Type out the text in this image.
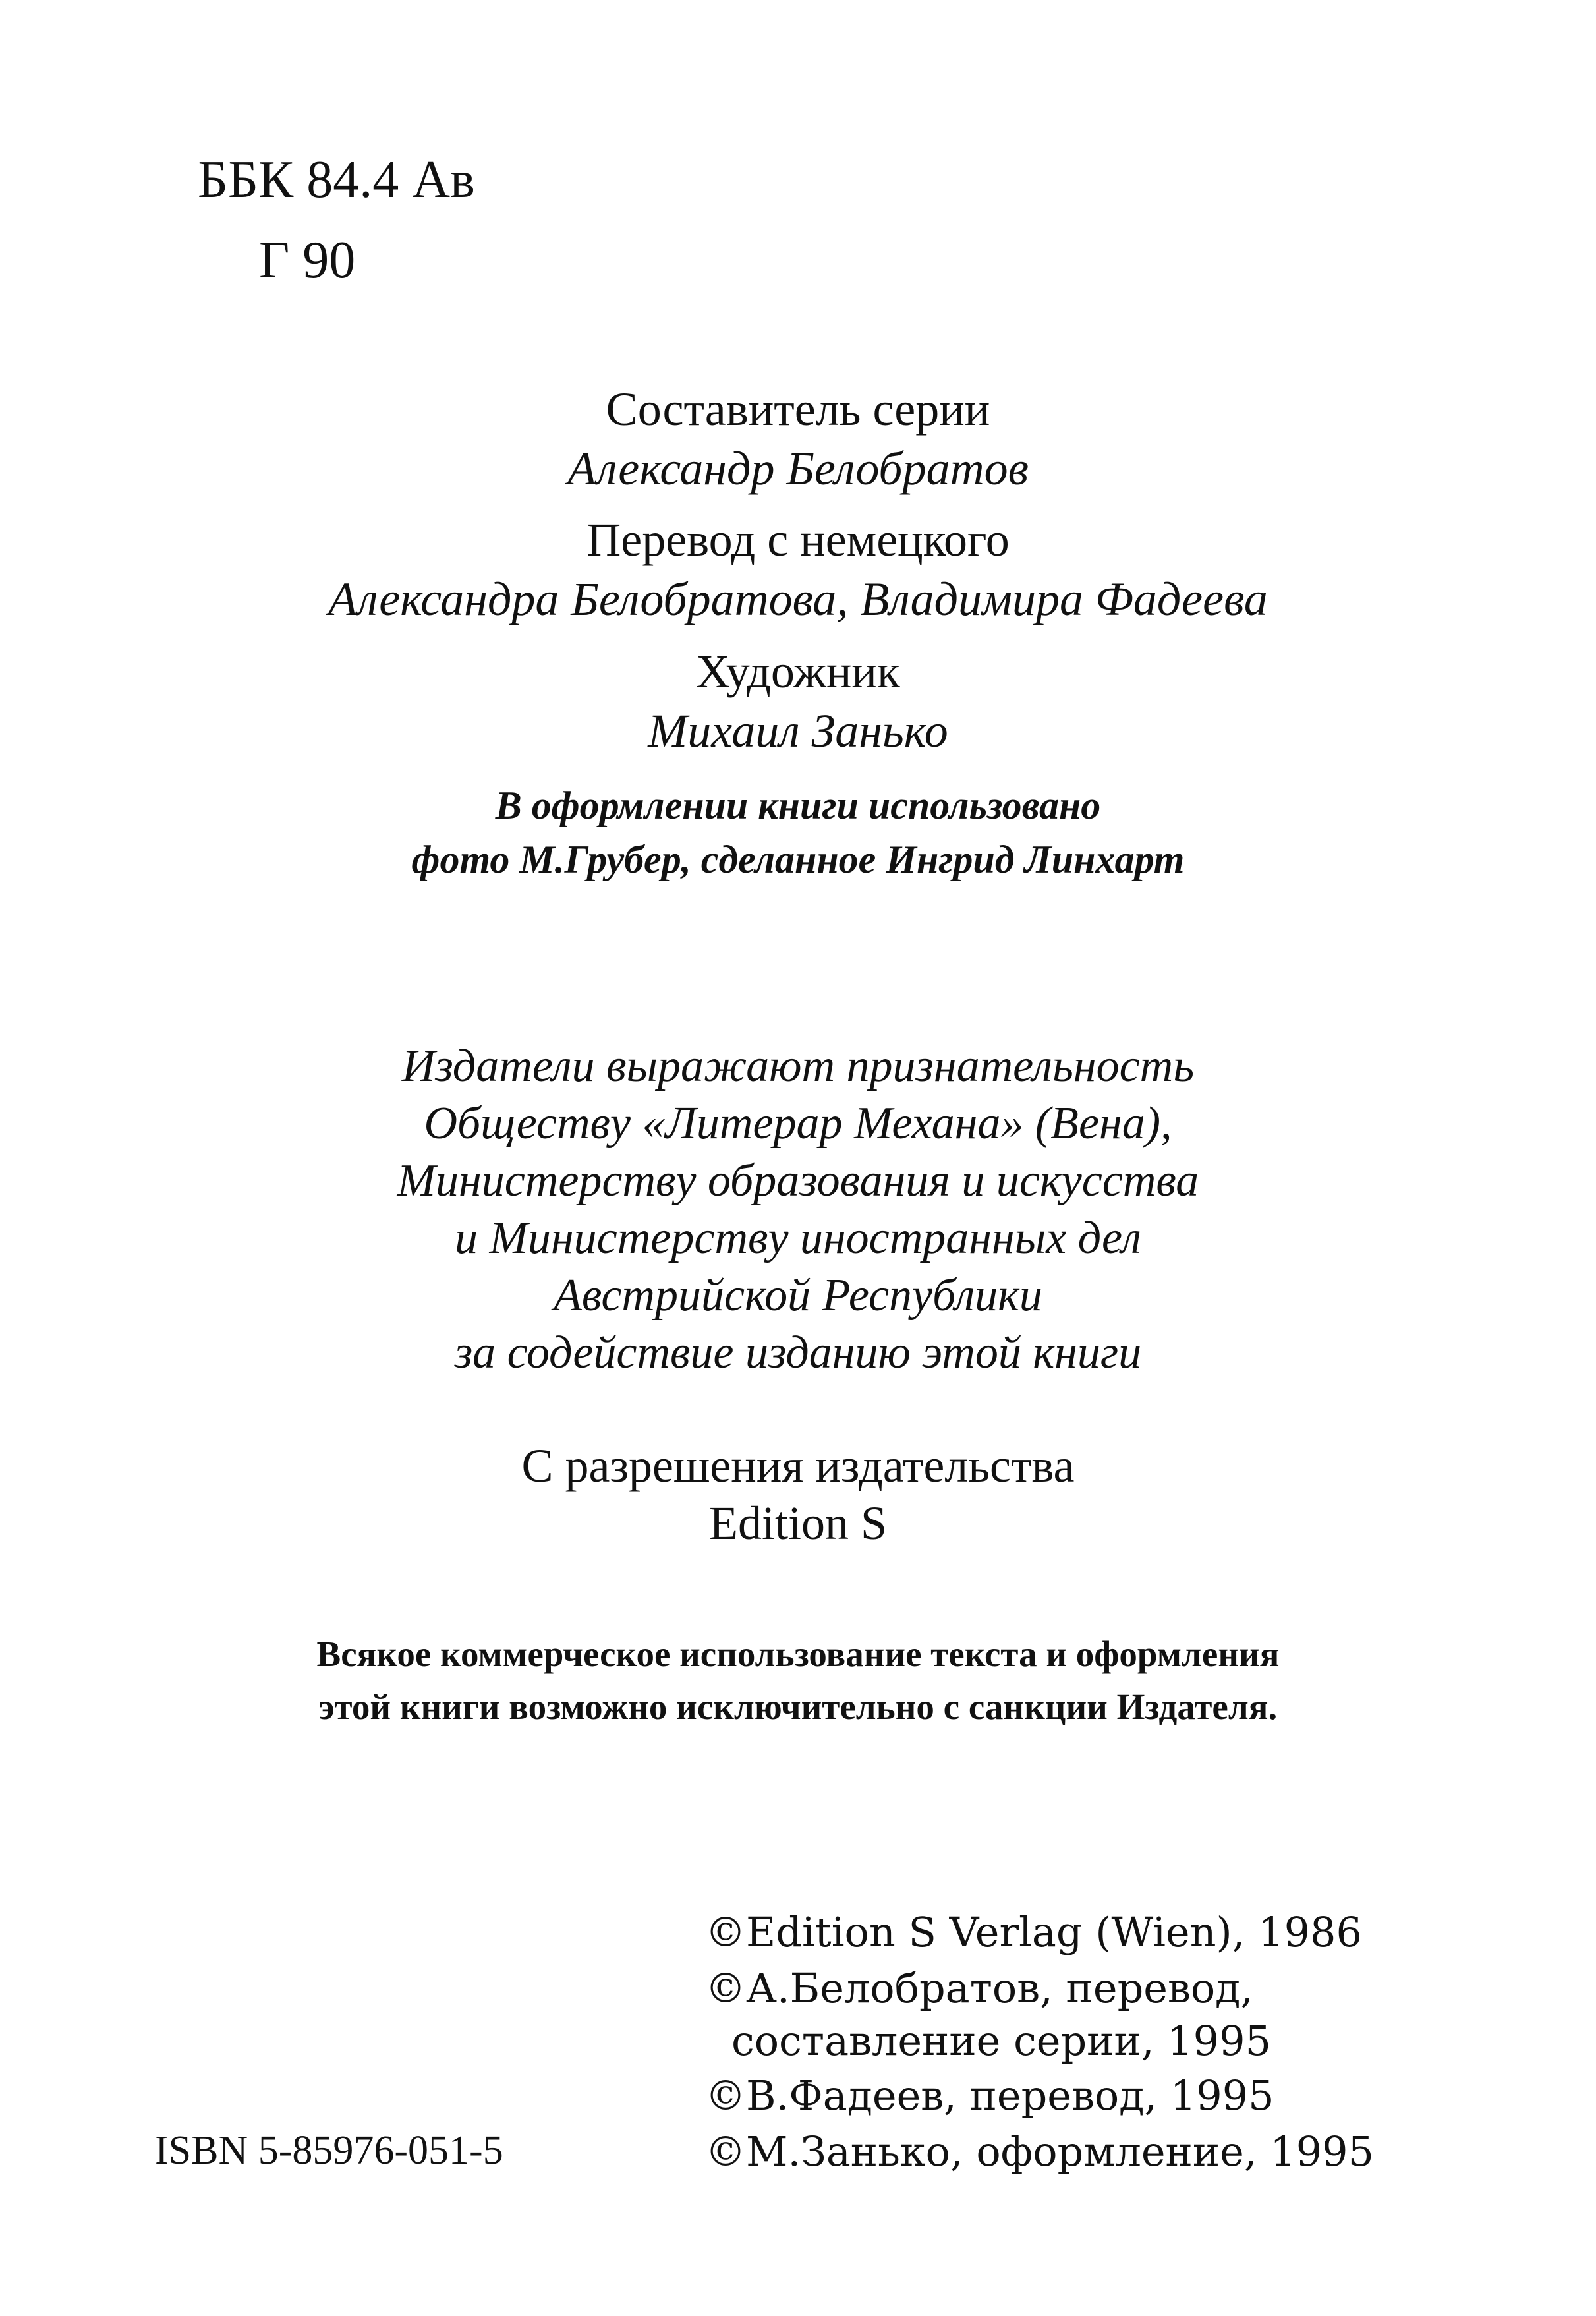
ББК 84.4 Ав
Г 90
Составитель серии
Александр Белобратов
Перевод с немецкого
Александра Белобратова, Владимира Фадеева
Художник
Михаил Занько
В оформлении книги использовано
фото М.Грубер, сделанное Ингрид Линхарт
Издатели выражают признательность
Обществу «Литерар Механа» (Вена),
Министерству образования и искусства
и Министерству иностранных дел
Австрийской Республики
за содействие изданию этой книги
С разрешения издательства
Edition S
Всякое коммерческое использование текста и оформления
этой книги возможно исключительно с санкции Издателя.
©Edition S Verlag (Wien), 1986
©А.Белобратов, перевод,
составление серии, 1995
©В.Фадеев, перевод, 1995
©М.Занько, оформление, 1995
ISBN 5-85976-051-5
